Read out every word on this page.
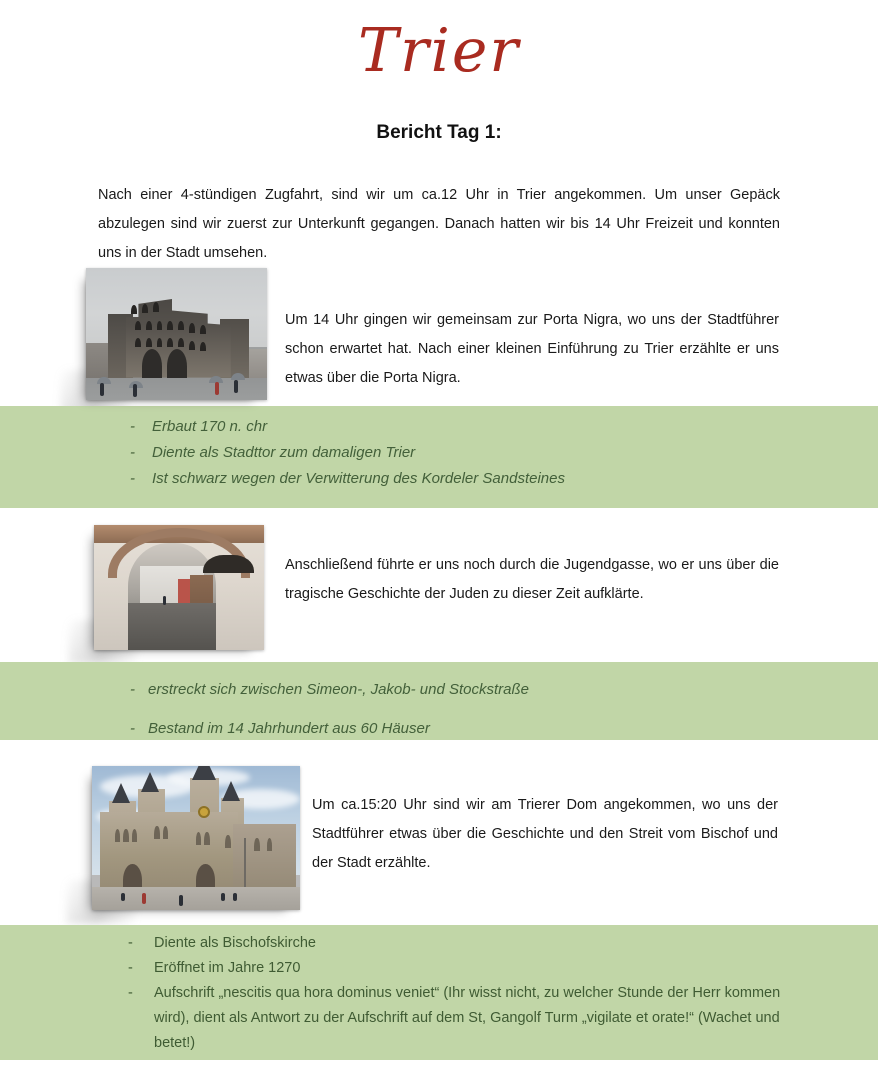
Trier
Bericht Tag 1:

Nach einer 4-stündigen Zugfahrt, sind wir um ca.12 Uhr in Trier angekommen. Um unser Gepäck abzulegen sind wir zuerst zur Unterkunft gegangen. Danach hatten wir bis 14 Uhr Freizeit und konnten uns in der Stadt umsehen.

Um 14 Uhr gingen wir gemeinsam zur Porta Nigra, wo uns der Stadtführer schon erwartet hat. Nach einer kleinen Einführung zu Trier erzählte er uns etwas über die Porta Nigra.

- Erbaut 170 n. chr
- Diente als Stadttor zum damaligen Trier
- Ist schwarz wegen der Verwitterung des Kordeler Sandsteines

Anschließend führte er uns noch durch die Jugendgasse, wo er uns über die tragische Geschichte der Juden zu dieser Zeit aufklärte.

- erstreckt sich zwischen Simeon-, Jakob- und Stockstraße
- Bestand im 14 Jahrhundert aus 60 Häuser

Um ca.15:20 Uhr sind wir am Trierer Dom angekommen, wo uns der Stadtführer etwas über die Geschichte und den Streit vom Bischof und der Stadt erzählte.

- Diente als Bischofskirche
- Eröffnet im Jahre 1270
- Aufschrift „nescitis qua hora dominus veniet“ (Ihr wisst nicht, zu welcher Stunde der Herr kommen wird), dient als Antwort zu der Aufschrift auf dem St, Gangolf Turm „vigilate et orate!“ (Wachet und betet!)
